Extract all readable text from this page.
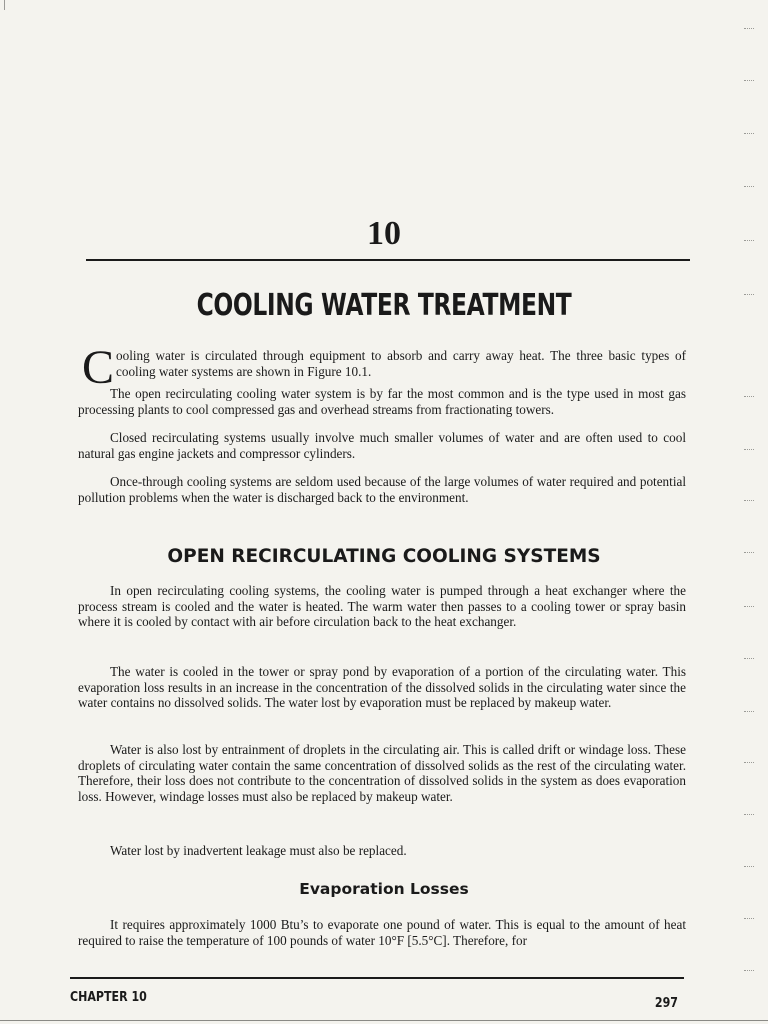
10
COOLING WATER TREATMENT
C ooling water is circulated through equipment to absorb and carry away heat. The three basic types of cooling water systems are shown in Figure 10.1.

The open recirculating cooling water system is by far the most common and is the type used in most gas processing plants to cool compressed gas and overhead streams from fractionating towers.

Closed recirculating systems usually involve much smaller volumes of water and are often used to cool natural gas engine jackets and compressor cylinders.

Once-through cooling systems are seldom used because of the large volumes of water required and potential pollution problems when the water is discharged back to the environment.

OPEN RECIRCULATING COOLING SYSTEMS

In open recirculating cooling systems, the cooling water is pumped through a heat exchanger where the process stream is cooled and the water is heated. The warm water then passes to a cooling tower or spray basin where it is cooled by contact with air before circulation back to the heat exchanger.

The water is cooled in the tower or spray pond by evaporation of a portion of the circulating water. This evaporation loss results in an increase in the concentration of the dissolved solids in the circulating water since the water contains no dissolved solids. The water lost by evaporation must be replaced by makeup water.

Water is also lost by entrainment of droplets in the circulating air. This is called drift or windage loss. These droplets of circulating water contain the same concentration of dissolved solids as the rest of the circulating water. Therefore, their loss does not contribute to the concentration of dissolved solids in the system as does evaporation loss. However, windage losses must also be replaced by makeup water.

Water lost by inadvertent leakage must also be replaced.

Evaporation Losses

It requires approximately 1000 Btu’s to evaporate one pound of water. This is equal to the amount of heat required to raise the temperature of 100 pounds of water 10°F [5.5°C]. Therefore, for

CHAPTER 10	297
